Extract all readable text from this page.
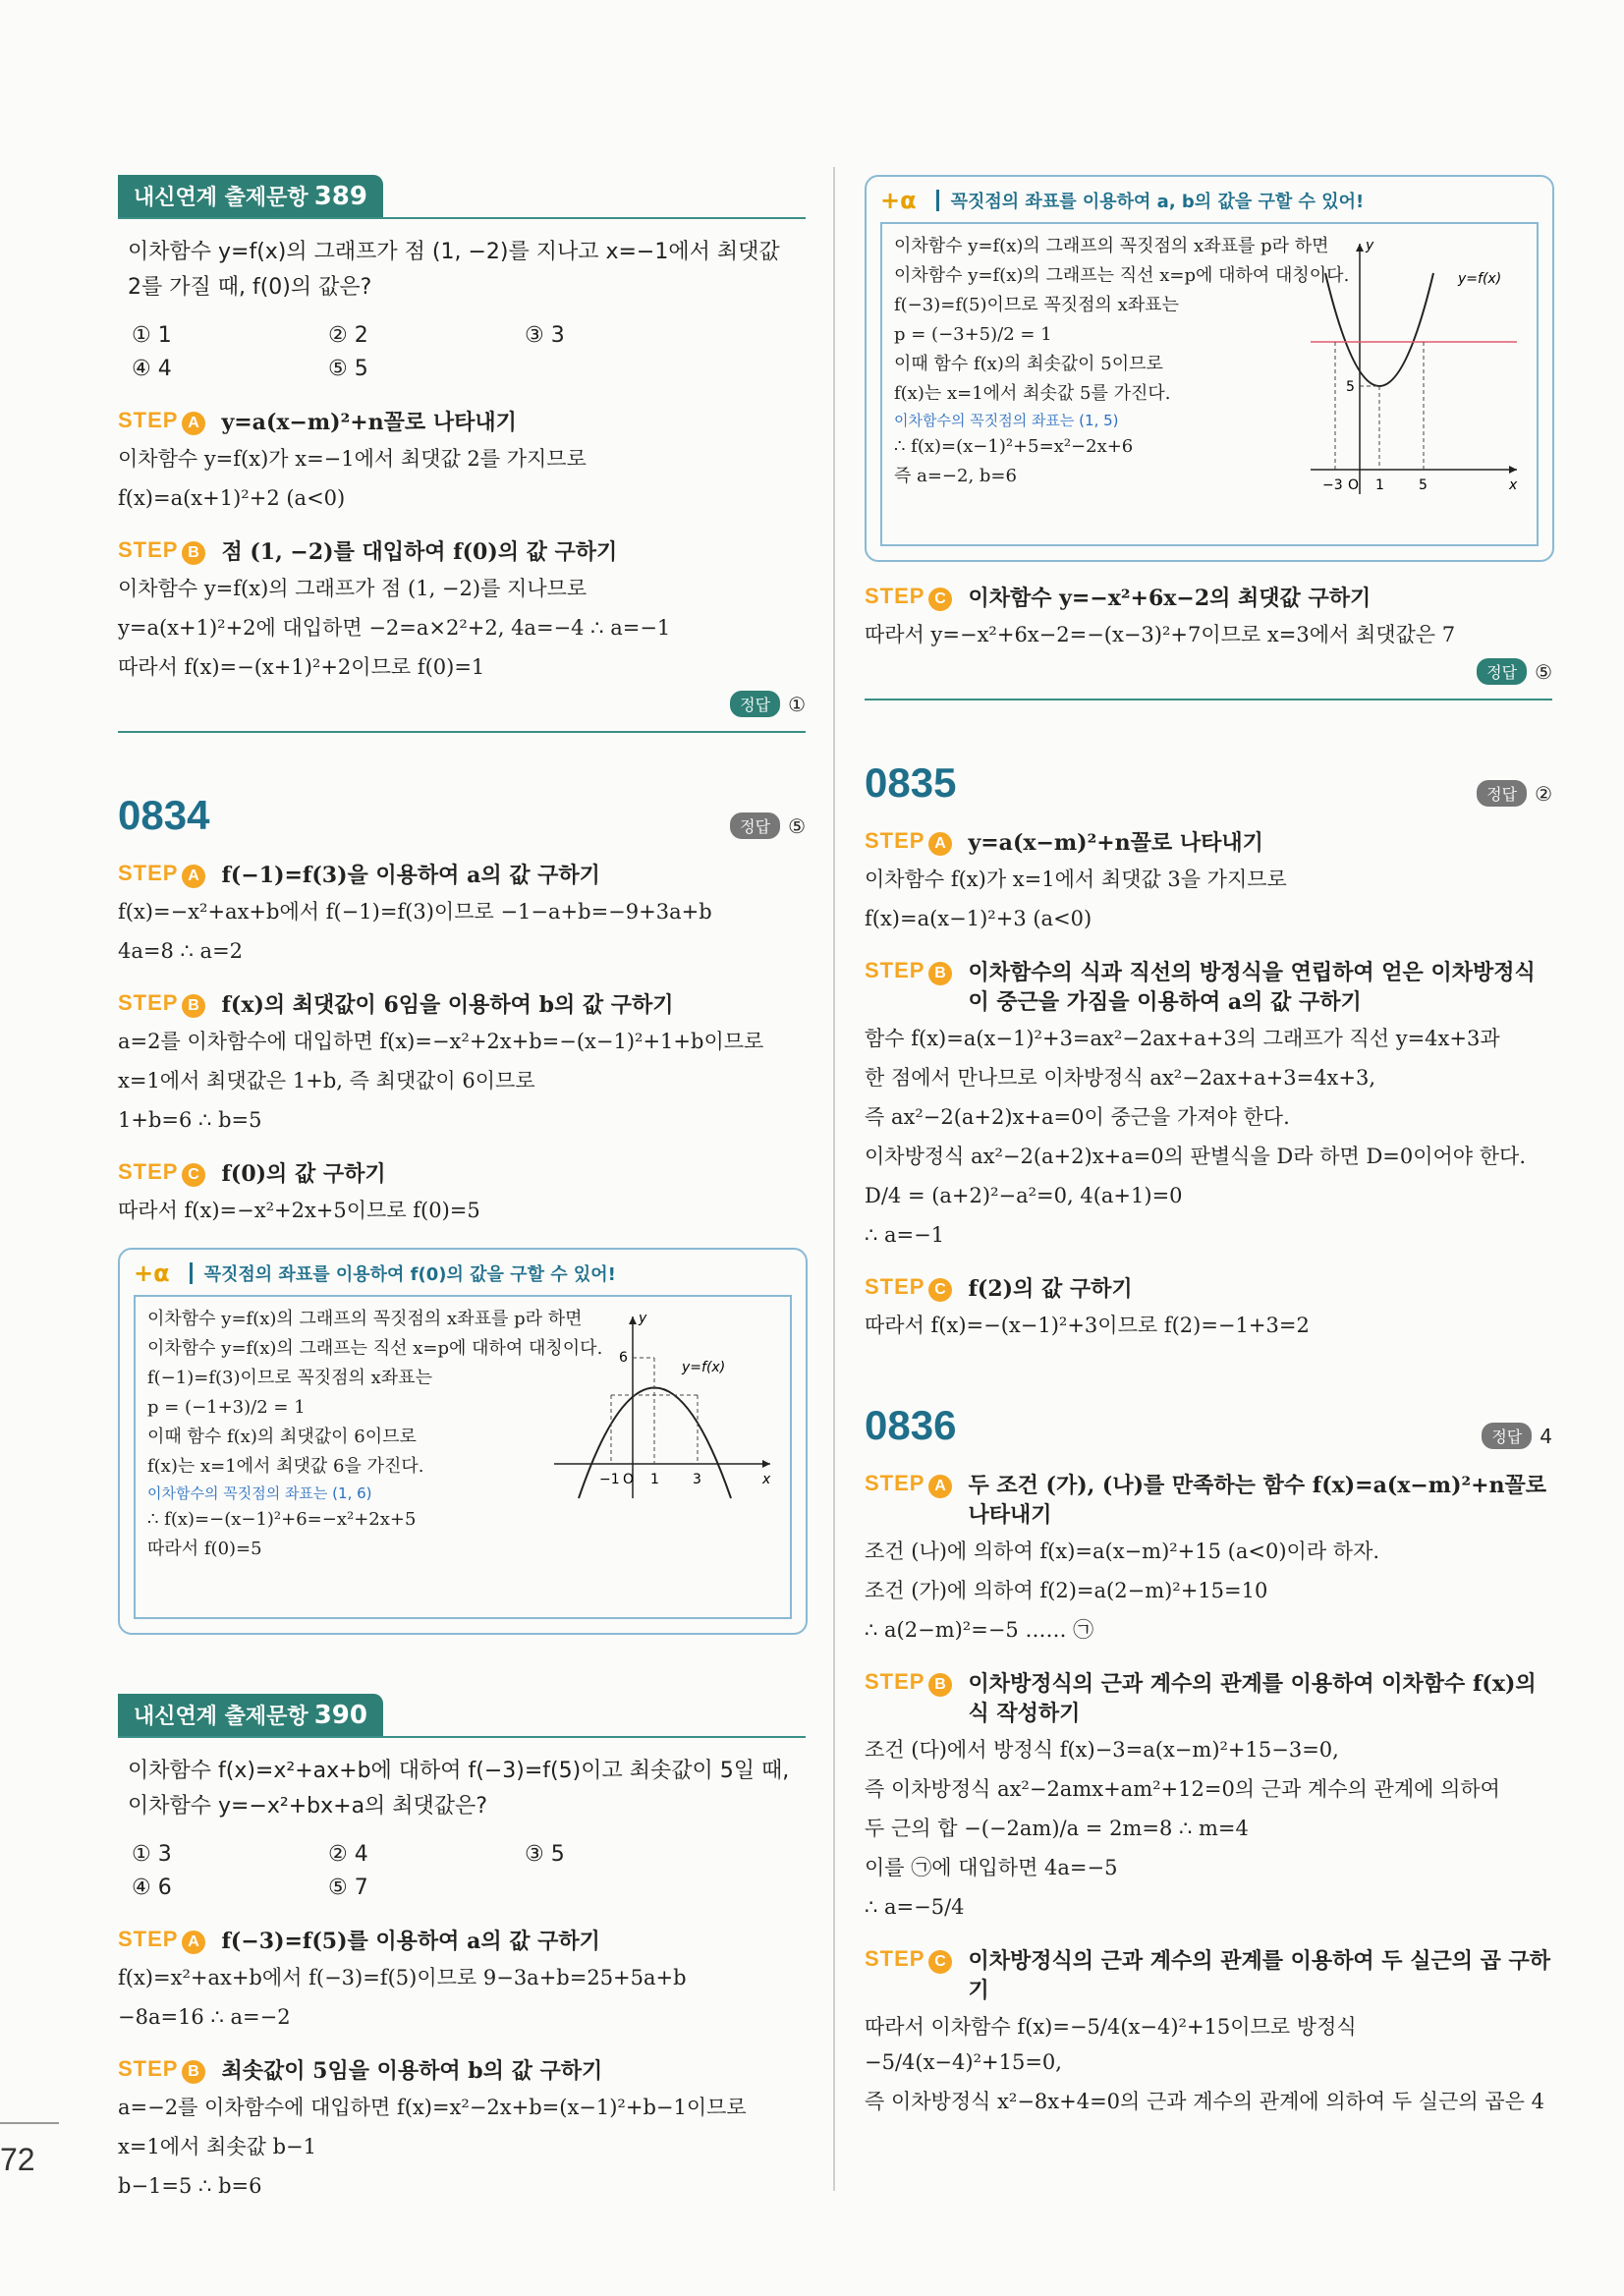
72
내신연계 출제문항 389
이차함수 y=f(x)의 그래프가 점 (1, −2)를 지나고 x=−1에서 최댓값
2를 가질 때, f(0)의 값은?
① 1	② 2	③ 3
④ 4	⑤ 5
STEP A y=a(x−m)²+n꼴로 나타내기
이차함수 y=f(x)가 x=−1에서 최댓값 2를 가지므로
f(x)=a(x+1)²+2 (a<0)
STEP B 점 (1, −2)를 대입하여 f(0)의 값 구하기
이차함수 y=f(x)의 그래프가 점 (1, −2)를 지나므로
y=a(x+1)²+2에 대입하면 −2=a×2²+2, 4a=−4 ∴ a=−1
따라서 f(x)=−(x+1)²+2이므로 f(0)=1
정답 ①
0834	정답 ⑤
STEP A f(−1)=f(3)을 이용하여 a의 값 구하기
f(x)=−x²+ax+b에서 f(−1)=f(3)이므로 −1−a+b=−9+3a+b
4a=8 ∴ a=2
STEP B f(x)의 최댓값이 6임을 이용하여 b의 값 구하기
a=2를 이차함수에 대입하면 f(x)=−x²+2x+b=−(x−1)²+1+b이므로
x=1에서 최댓값은 1+b, 즉 최댓값이 6이므로
1+b=6 ∴ b=5
STEP C f(0)의 값 구하기
따라서 f(x)=−x²+2x+5이므로 f(0)=5
+α 꼭짓점의 좌표를 이용하여 f(0)의 값을 구할 수 있어!
이차함수 y=f(x)의 그래프의 꼭짓점의 x좌표를 p라 하면
이차함수 y=f(x)의 그래프는 직선 x=p에 대하여 대칭이다.
f(−1)=f(3)이므로 꼭짓점의 x좌표는
p = (−1+3)/2 = 1
이때 함수 f(x)의 최댓값이 6이므로
f(x)는 x=1에서 최댓값 6을 가진다.
이차함수의 꼭짓점의 좌표는 (1, 6)
∴ f(x)=−(x−1)²+6=−x²+2x+5
따라서 f(0)=5
y
x
y=f(x)
6
−1 O 1 3
내신연계 출제문항 390
이차함수 f(x)=x²+ax+b에 대하여 f(−3)=f(5)이고 최솟값이 5일 때,
이차함수 y=−x²+bx+a의 최댓값은?
① 3	② 4	③ 5
④ 6	⑤ 7
STEP A f(−3)=f(5)를 이용하여 a의 값 구하기
f(x)=x²+ax+b에서 f(−3)=f(5)이므로 9−3a+b=25+5a+b
−8a=16 ∴ a=−2
STEP B 최솟값이 5임을 이용하여 b의 값 구하기
a=−2를 이차함수에 대입하면 f(x)=x²−2x+b=(x−1)²+b−1이므로
x=1에서 최솟값 b−1
b−1=5 ∴ b=6
+α 꼭짓점의 좌표를 이용하여 a, b의 값을 구할 수 있어!
이차함수 y=f(x)의 그래프의 꼭짓점의 x좌표를 p라 하면
이차함수 y=f(x)의 그래프는 직선 x=p에 대하여 대칭이다.
f(−3)=f(5)이므로 꼭짓점의 x좌표는
p = (−3+5)/2 = 1
이때 함수 f(x)의 최솟값이 5이므로
f(x)는 x=1에서 최솟값 5를 가진다.
이차함수의 꼭짓점의 좌표는 (1, 5)
∴ f(x)=(x−1)²+5=x²−2x+6
즉 a=−2, b=6
y
x
y=f(x)
5
−3 O 1	5
STEP C 이차함수 y=−x²+6x−2의 최댓값 구하기
따라서 y=−x²+6x−2=−(x−3)²+7이므로 x=3에서 최댓값은 7
정답 ⑤
0835	정답 ②
STEP A y=a(x−m)²+n꼴로 나타내기
이차함수 f(x)가 x=1에서 최댓값 3을 가지므로
f(x)=a(x−1)²+3 (a<0)
STEP B 이차함수의 식과 직선의 방정식을 연립하여 얻은 이차방정식이 중근을 가짐을 이용하여 a의 값 구하기
함수 f(x)=a(x−1)²+3=ax²−2ax+a+3의 그래프가 직선 y=4x+3과
한 점에서 만나므로 이차방정식 ax²−2ax+a+3=4x+3,
즉 ax²−2(a+2)x+a=0이 중근을 가져야 한다.
이차방정식 ax²−2(a+2)x+a=0의 판별식을 D라 하면 D=0이어야 한다.
D/4 = (a+2)²−a²=0, 4(a+1)=0
∴ a=−1
STEP C f(2)의 값 구하기
따라서 f(x)=−(x−1)²+3이므로 f(2)=−1+3=2
0836	정답 4
STEP A 두 조건 (가), (나)를 만족하는 함수 f(x)=a(x−m)²+n꼴로 나타내기
조건 (나)에 의하여 f(x)=a(x−m)²+15 (a<0)이라 하자.
조건 (가)에 의하여 f(2)=a(2−m)²+15=10
∴ a(2−m)²=−5 …… ㉠
STEP B 이차방정식의 근과 계수의 관계를 이용하여 이차함수 f(x)의 식 작성하기
조건 (다)에서 방정식 f(x)−3=a(x−m)²+15−3=0,
즉 이차방정식 ax²−2amx+am²+12=0의 근과 계수의 관계에 의하여
두 근의 합 −(−2am)/a = 2m=8 ∴ m=4
이를 ㉠에 대입하면 4a=−5
∴ a=−5/4
STEP C 이차방정식의 근과 계수의 관계를 이용하여 두 실근의 곱 구하기
따라서 이차함수 f(x)=−5/4(x−4)²+15이므로 방정식 −5/4(x−4)²+15=0,
즉 이차방정식 x²−8x+4=0의 근과 계수의 관계에 의하여 두 실근의 곱은 4
